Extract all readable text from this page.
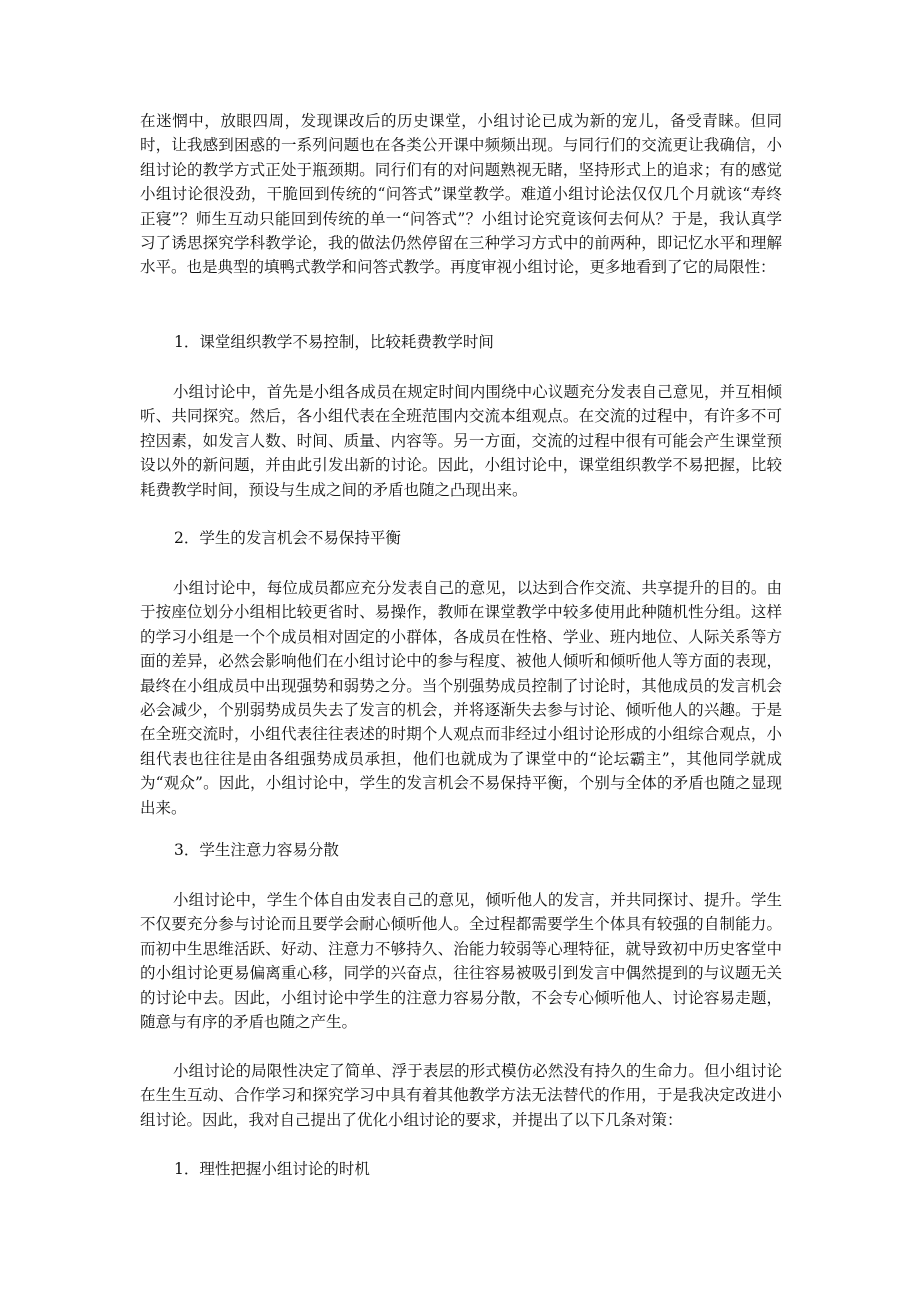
在迷惘中，放眼四周，发现课改后的历史课堂，小组讨论已成为新的宠儿，备受青睐。但同时，让我感到困惑的一系列问题也在各类公开课中频频出现。与同行们的交流更让我确信，小组讨论的教学方式正处于瓶颈期。同行们有的对问题熟视无睹，坚持形式上的追求；有的感觉小组讨论很没劲，干脆回到传统的“问答式”课堂教学。难道小组讨论法仅仅几个月就该“寿终正寝”？师生互动只能回到传统的单一“问答式”？小组讨论究竟该何去何从？于是，我认真学习了诱思探究学科教学论，我的做法仍然停留在三种学习方式中的前两种，即记忆水平和理解水平。也是典型的填鸭式教学和问答式教学。再度审视小组讨论，更多地看到了它的局限性：

1．课堂组织教学不易控制，比较耗费教学时间

小组讨论中，首先是小组各成员在规定时间内围绕中心议题充分发表自己意见，并互相倾听、共同探究。然后，各小组代表在全班范围内交流本组观点。在交流的过程中，有许多不可控因素，如发言人数、时间、质量、内容等。另一方面，交流的过程中很有可能会产生课堂预设以外的新问题，并由此引发出新的讨论。因此，小组讨论中，课堂组织教学不易把握，比较耗费教学时间，预设与生成之间的矛盾也随之凸现出来。

2．学生的发言机会不易保持平衡

小组讨论中，每位成员都应充分发表自己的意见，以达到合作交流、共享提升的目的。由于按座位划分小组相比较更省时、易操作，教师在课堂教学中较多使用此种随机性分组。这样的学习小组是一个个成员相对固定的小群体，各成员在性格、学业、班内地位、人际关系等方面的差异，必然会影响他们在小组讨论中的参与程度、被他人倾听和倾听他人等方面的表现，最终在小组成员中出现强势和弱势之分。当个别强势成员控制了讨论时，其他成员的发言机会必会减少，个别弱势成员失去了发言的机会，并将逐渐失去参与讨论、倾听他人的兴趣。于是在全班交流时，小组代表往往表述的时期个人观点而非经过小组讨论形成的小组综合观点，小组代表也往往是由各组强势成员承担，他们也就成为了课堂中的“论坛霸主”，其他同学就成为“观众”。因此，小组讨论中，学生的发言机会不易保持平衡，个别与全体的矛盾也随之显现出来。

3．学生注意力容易分散

小组讨论中，学生个体自由发表自己的意见，倾听他人的发言，并共同探讨、提升。学生不仅要充分参与讨论而且要学会耐心倾听他人。全过程都需要学生个体具有较强的自制能力。而初中生思维活跃、好动、注意力不够持久、治能力较弱等心理特征，就导致初中历史客堂中的小组讨论更易偏离重心移，同学的兴奋点，往往容易被吸引到发言中偶然提到的与议题无关的讨论中去。因此，小组讨论中学生的注意力容易分散，不会专心倾听他人、讨论容易走题，随意与有序的矛盾也随之产生。

小组讨论的局限性决定了简单、浮于表层的形式模仿必然没有持久的生命力。但小组讨论在生生互动、合作学习和探究学习中具有着其他教学方法无法替代的作用，于是我决定改进小组讨论。因此，我对自己提出了优化小组讨论的要求，并提出了以下几条对策：

1．理性把握小组讨论的时机
